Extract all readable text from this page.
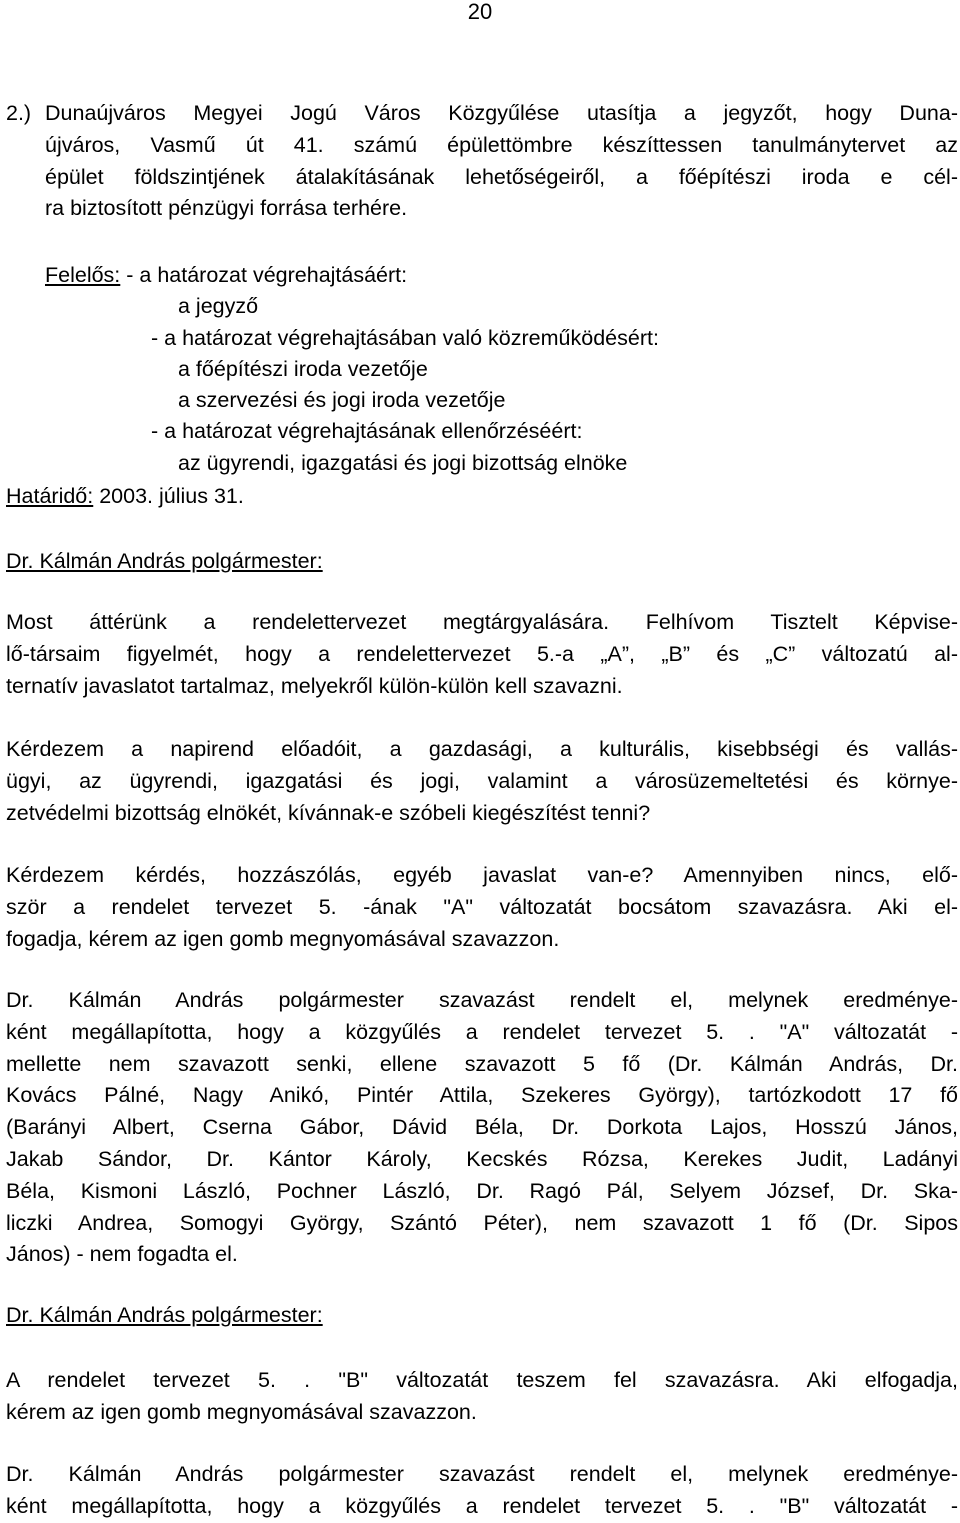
20
2.) Dunaújváros Megyei Jogú Város Közgyűlése utasítja a jegyzőt, hogy Duna-
újváros, Vasmű út 41. számú épülettömbre készíttessen tanulmánytervet az
épület földszintjének átalakításának lehetőségeiről, a főépítészi iroda e cél-
ra biztosított pénzügyi forrása terhére.
Felelős: - a határozat végrehajtásáért:
a jegyző
- a határozat végrehajtásában való közreműködésért:
a főépítészi iroda vezetője
a szervezési és jogi iroda vezetője
- a határozat végrehajtásának ellenőrzéséért:
az ügyrendi, igazgatási és jogi bizottság elnöke
Határidő: 2003. július 31.
Dr. Kálmán András polgármester:
Most áttérünk a rendelettervezet megtárgyalására. Felhívom Tisztelt Képvise-
lő-társaim figyelmét, hogy a rendelettervezet 5.-a „A”, „B” és „C” változatú al-
ternatív javaslatot tartalmaz, melyekről külön-külön kell szavazni.
Kérdezem a napirend előadóit, a gazdasági, a kulturális, kisebbségi és vallás-
ügyi, az ügyrendi, igazgatási és jogi, valamint a városüzemeltetési és környe-
zetvédelmi bizottság elnökét, kívánnak-e szóbeli kiegészítést tenni?
Kérdezem kérdés, hozzászólás, egyéb javaslat van-e? Amennyiben nincs, elő-
ször a rendelet tervezet 5. -ának "A" változatát bocsátom szavazásra. Aki el-
fogadja, kérem az igen gomb megnyomásával szavazzon.
Dr. Kálmán András polgármester szavazást rendelt el, melynek eredménye-
ként megállapította, hogy a közgyűlés a rendelet tervezet 5. . "A" változatát -
mellette nem szavazott senki, ellene szavazott 5 fő (Dr. Kálmán András, Dr.
Kovács Pálné, Nagy Anikó, Pintér Attila, Szekeres György), tartózkodott 17 fő
(Barányi Albert, Cserna Gábor, Dávid Béla, Dr. Dorkota Lajos, Hosszú János,
Jakab Sándor, Dr. Kántor Károly, Kecskés Rózsa, Kerekes Judit, Ladányi
Béla, Kismoni László, Pochner László, Dr. Ragó Pál, Selyem József, Dr. Ska-
liczki Andrea, Somogyi György, Szántó Péter), nem szavazott 1 fő (Dr. Sipos
János) - nem fogadta el.
Dr. Kálmán András polgármester:
A rendelet tervezet 5. . "B" változatát teszem fel szavazásra. Aki elfogadja,
kérem az igen gomb megnyomásával szavazzon.
Dr. Kálmán András polgármester szavazást rendelt el, melynek eredménye-
ként megállapította, hogy a közgyűlés a rendelet tervezet 5. . "B" változatát -
